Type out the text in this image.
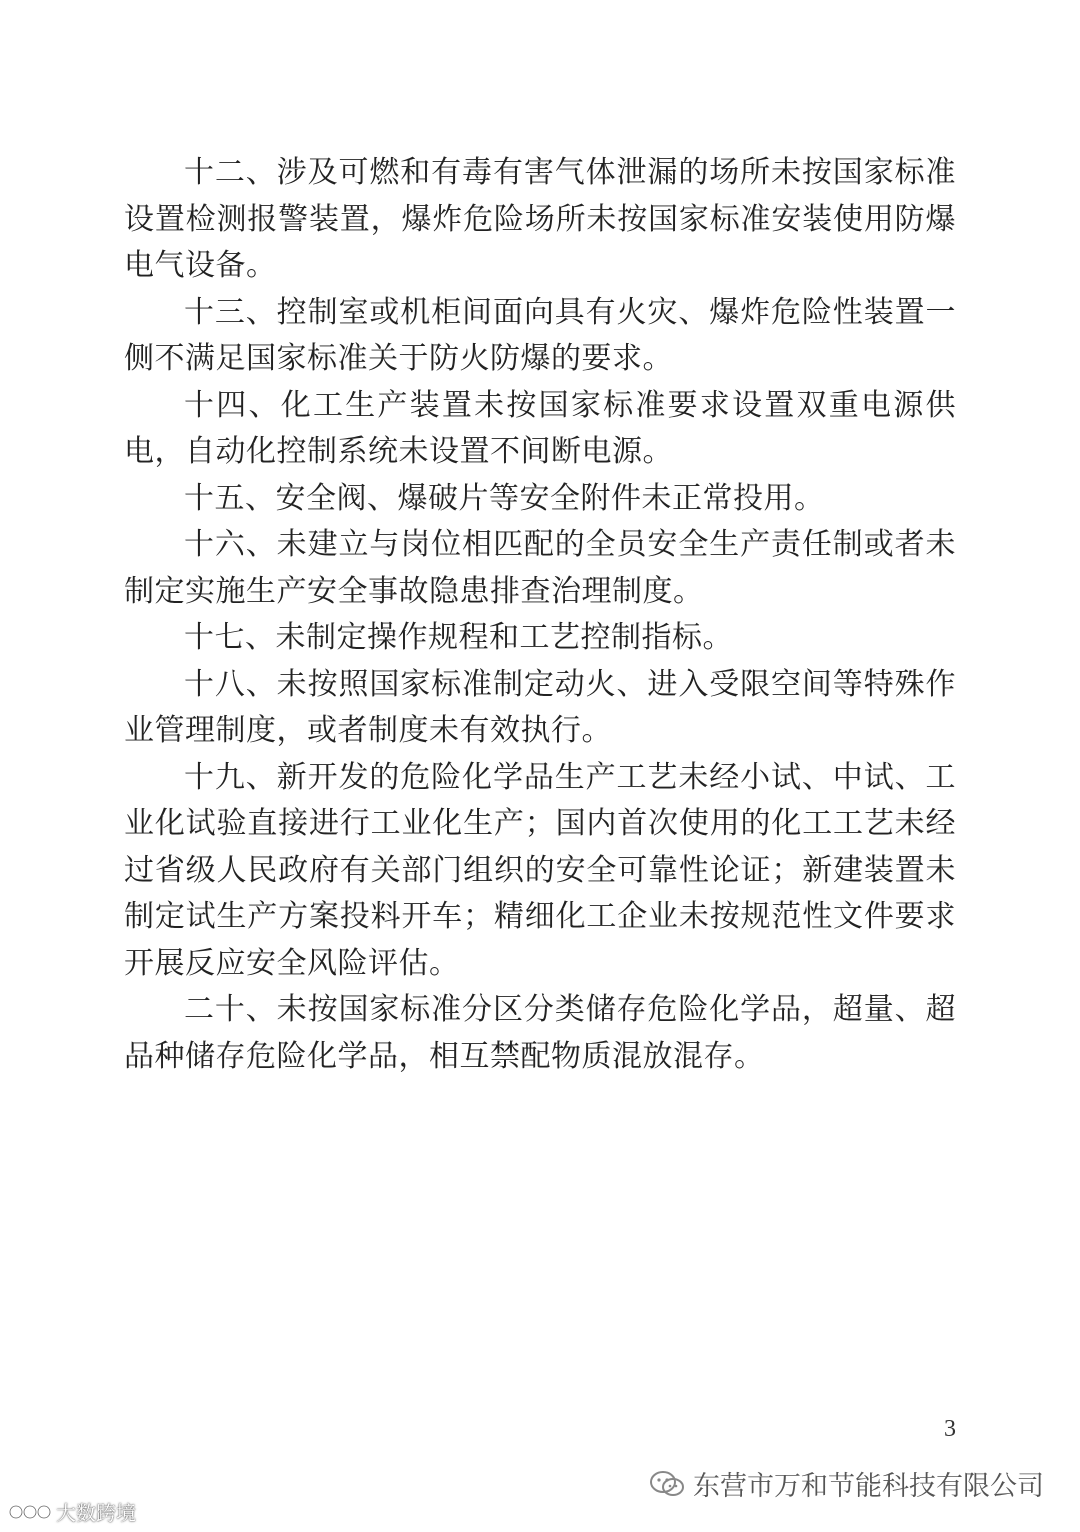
十二、涉及可燃和有毒有害气体泄漏的场所未按国家标准设置检测报警装置，爆炸危险场所未按国家标准安装使用防爆电气设备。

十三、控制室或机柜间面向具有火灾、爆炸危险性装置一侧不满足国家标准关于防火防爆的要求。

十四、化工生产装置未按国家标准要求设置双重电源供电，自动化控制系统未设置不间断电源。

十五、安全阀、爆破片等安全附件未正常投用。

十六、未建立与岗位相匹配的全员安全生产责任制或者未制定实施生产安全事故隐患排查治理制度。

十七、未制定操作规程和工艺控制指标。

十八、未按照国家标准制定动火、进入受限空间等特殊作业管理制度，或者制度未有效执行。

十九、新开发的危险化学品生产工艺未经小试、中试、工业化试验直接进行工业化生产；国内首次使用的化工工艺未经过省级人民政府有关部门组织的安全可靠性论证；新建装置未制定试生产方案投料开车；精细化工企业未按规范性文件要求开展反应安全风险评估。

二十、未按国家标准分区分类储存危险化学品，超量、超品种储存危险化学品，相互禁配物质混放混存。

3
东营市万和节能科技有限公司
大数跨境
